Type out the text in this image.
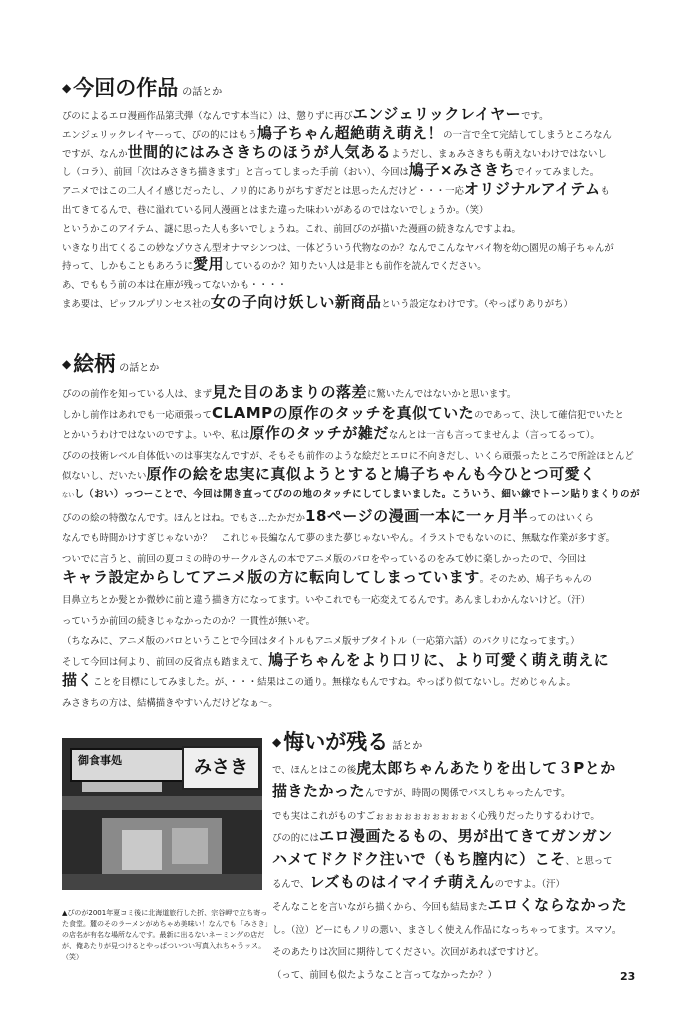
◆今回の作品 の話とか
ぴのによるエロ漫画作品第弐弾（なんです本当に）は、懲りずに再びエンジェリックレイヤーです。
エンジェリックレイヤーって、ぴの的にはもう鳩子ちゃん超絶萌え萌え！の一言で全て完結してしまうところなん
ですが、なんか世間的にはみさきちのほうが人気あるようだし、まぁみさきちも萌えないわけではないし
し（コラ）、前回「次はみさきち描きます」と言ってしまった手前（おい）、今回は鳩子×みさきちでイッてみました。
アニメではこの二人イイ感じだったし、ノリ的にありがちすぎだとは思ったんだけど・・・一応オリジナルアイテムも
出てきてるんで、巷に溢れている同人漫画とはまた違った味わいがあるのではないでしょうか。（笑）
というかこのアイテム、謎に思った人も多いでしょうね。これ、前回ぴのが描いた漫画の続きなんですよね。
いきなり出てくるこの妙なゾウさん型オナマシンつは、一体どういう代物なのか？なんでこんなヤバイ物を幼○園児の鳩子ちゃんが
持って、しかもこともあろうに愛用しているのか？知りたい人は是非とも前作を読んでください。
あ、でももう前の本は在庫が残ってないかも・・・・
まあ要は、ピッフルプリンセス社の女の子向け妖しい新商品という設定なわけです。（やっぱりありがち）
◆絵柄 の話とか
ぴのの前作を知っている人は、まず見た目のあまりの落差に驚いたんではないかと思います。
しかし前作はあれでも一応頑張ってCLAMPの原作のタッチを真似ていたのであって、決して確信犯でいたと
とかいうわけではないのですよ。いや、私は原作のタッチが雑だなんとは一言も言ってませんよ（言ってるって）。
ぴのの技術レベル自体低いのは事実なんですが、そもそも前作のような絵だとエロに不向きだし、いくら頑張ったところで所詮ほとんど
似ないし、だいたい原作の絵を忠実に真似ようとすると鳩子ちゃんも今ひとつ可愛く
ないし（おい）っつーことで、今回は開き直ってぴのの地のタッチにしてしまいました。こういう、細い線でトーン貼りまくりのが
ぴのの絵の特徴なんです。ほんとはね。でもさ…たかだか18ページの漫画一本に一ヶ月半ってのはいくら
なんでも時間かけすぎじゃないか？　これじゃ長編なんて夢のまた夢じゃないやん。イラストでもないのに、無駄な作業が多すぎ。
ついでに言うと、前回の夏コミの時のサークルさんの本でアニメ版のパロをやっているのをみて妙に楽しかったので、今回は
キャラ設定からしてアニメ版の方に転向してしまっています。そのため、鳩子ちゃんの
目鼻立ちとか髪とか微妙に前と違う描き方になってます。いやこれでも一応変えてるんです。あんましわかんないけど。（汗）
っていうか前回の続きじゃなかったのか？一貫性が無いぞ。
（ちなみに、アニメ版のパロということで今回はタイトルもアニメ版サブタイトル（一応第六話）のパクリになってます。）
そして今回は何より、前回の反省点も踏まえて、鳩子ちゃんをより口リに、より可愛く萌え萌えに
描くことを目標にしてみました。が、・・・結果はこの通り。無様なもんですね。やっぱり似てないし。だめじゃんよ。
みさきちの方は、結構描きやすいんだけどなぁ〜。
御食事処	みさき
▲ぴのが2001年夏コミ後に北海道旅行した折、宗谷岬で立ち寄った食堂。麓のそのラーメンがめちゃめ美味い！なんでも「みさき」の店名が有名な場所なんです。最新に出るないネーミングの店だが、俺あたりが見つけるとやっぱついつい写真入れちゃうッス。（笑）
◆悔いが残る 話とか
で、ほんとはこの後虎太郎ちゃんあたりを出して３Pとか
描きたかったんですが、時間の関係でパスしちゃったんです。
でも実はこれがものすごぉぉぉぉぉぉぉぉぉぉく心残りだったりするわけで。
ぴの的にはエロ漫画たるもの、男が出てきてガンガン
ハメてドクドク注いで（もち膣内に）こそ、と思って
るんで、レズものはイマイチ萌えんのですよ。（汗）
そんなことを言いながら描くから、今回も結局またエロくならなかった
し。（泣）どーにもノリの悪い、まさしく使えん作品になっちゃってます。スマソ。
そのあたりは次回に期待してください。次回があればですけど。
（って、前回も似たようなこと言ってなかったか？）	23
